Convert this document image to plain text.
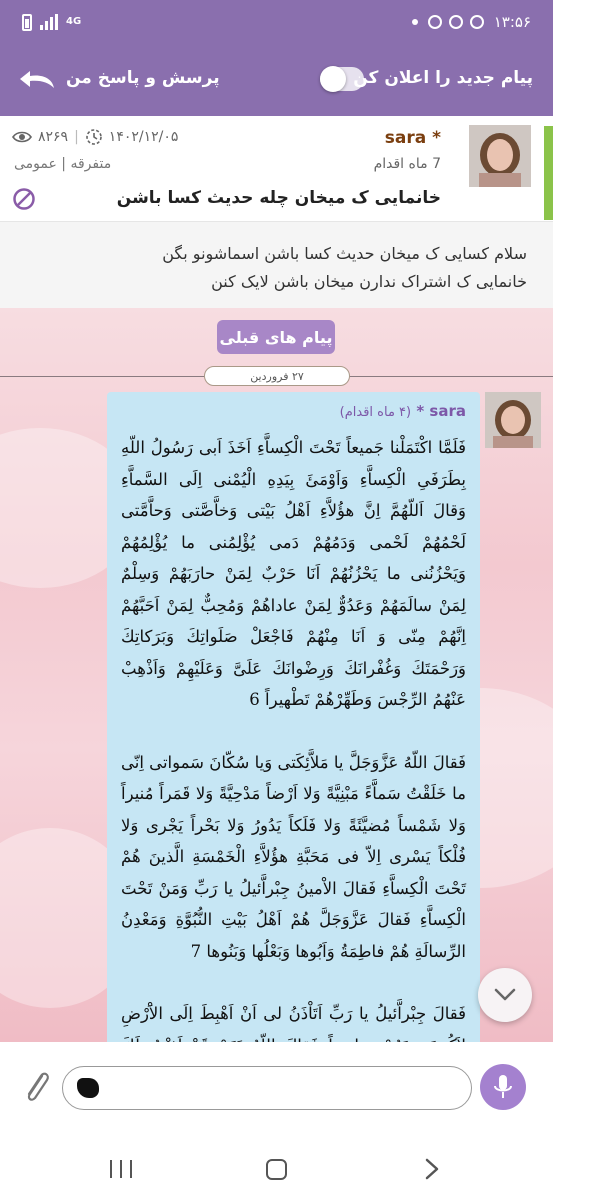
4G	۱۳:۵۶
پرسش و پاسخ من	پیام جدید را اعلان کن
sara *
7 ماه اقدام
۸۲۶۹ | ۱۴۰۲/۱۲/۰۵
متفرقه | عمومی
خانمایی ک میخان چله حدیث کسا باشن
سلام کسایی ک میخان حدیث کسا باشن اسماشونو بگن
خانمایی ک اشتراک ندارن میخان باشن لایک کنن
پیام های قبلی
۲۷ فروردین
sara * (۴ ماه اقدام)

فَلَمَّا اكْتَمَلْنا جَميعاً تَحْتَ الْكِساَّءِ اَخَذَ اَبى رَسُولُ اللّهِ بِطَرَفَىِ الْكِساَّءِ وَاَوْمَئَ بِيَدِهِ الْيُمْنى اِلَى السَّماَّءِ وَقالَ اَللّهُمَّ اِنَّ هؤُلاَّءِ اَهْلُ بَيْتى وَخاَّصَّتى وَحاَّمَّتى لَحْمُهُمْ لَحْمى وَدَمُهُمْ دَمى يُؤْلِمُنى ما يُؤْلِمُهُمْ وَيَحْزُنُنى ما يَحْزُنُهُمْ اَنَا حَرْبٌ لِمَنْ حارَبَهُمْ وَسِلْمٌ لِمَنْ سالَمَهُمْ وَعَدُوٌّ لِمَنْ عاداهُمْ وَمُحِبٌّ لِمَنْ اَحَبَّهُمْ اِنَّهُمْ مِنّى وَ اَنَا مِنْهُمْ فَاجْعَلْ صَلَواتِكَ وَبَرَكاتِكَ وَرَحْمَتَكَ وَغُفْرانَكَ وَرِضْوانَكَ عَلَىَّ وَعَلَيْهِمْ وَاَذْهِبْ عَنْهُمُ الرِّجْسَ وَطَهِّرْهُمْ تَطْهيراً 6

فَقالَ اللّهُ عَزَّوَجَلَّ يا مَلاَّئِكَتى وَيا سُكّانَ سَمواتى اِنّى ما خَلَقْتُ سَماَّءً مَبْنِيَّةً وَلا اَرْضاً مَدْحِيَّةً وَلا قَمَراً مُنيراً وَلا شَمْساً مُضيَّئَةً وَلا فَلَكاً يَدُورُ وَلا بَحْراً يَجْرى وَلا فُلْكاً يَسْرى اِلاّ فى مَحَبَّةِ هؤُلاَّءِ الْخَمْسَةِ الَّذينَ هُمْ تَحْتَ الْكِساَّءِ فَقالَ الاْمينُ جِبْراَّئيلُ يا رَبِّ وَمَنْ تَحْتَ الْكِساَّءِ فَقالَ عَزَّوَجَلَّ هُمْ اَهْلُ بَيْتِ النُّبُوَّةِ وَمَعْدِنُ الرِّسالَةِ هُمْ فاطِمَةُ وَاَبُوها وَبَعْلُها وَبَنُوها 7

فَقالَ جِبْراَّئيلُ يا رَبِّ اَتَاْذَنُ لى اَنْ اَهْبِطَ اِلَى الاَْرْضِ
